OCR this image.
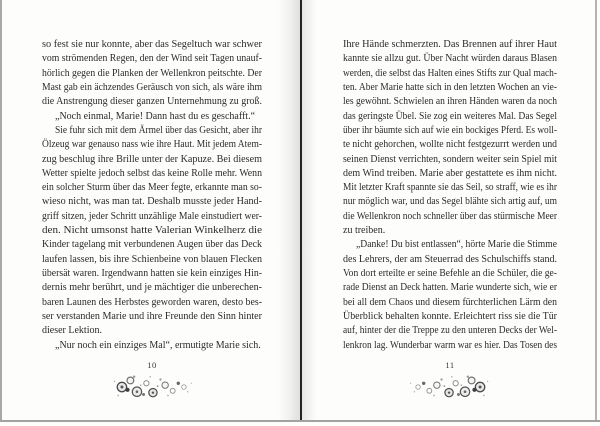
so fest sie nur konnte, aber das Segeltuch war schwer
vom strömenden Regen, den der Wind seit Tagen unauf-
hörlich gegen die Planken der Wellenkron peitschte. Der
Mast gab ein ächzendes Geräusch von sich, als wäre ihm
die Anstrengung dieser ganzen Unternehmung zu groß.
„Noch einmal, Marie! Dann hast du es geschafft.“
Sie fuhr sich mit dem Ärmel über das Gesicht, aber ihr
Ölzeug war genauso nass wie ihre Haut. Mit jedem Atem-
zug beschlug ihre Brille unter der Kapuze. Bei diesem
Wetter spielte jedoch selbst das keine Rolle mehr. Wenn
ein solcher Sturm über das Meer fegte, erkannte man so-
wieso nicht, was man tat. Deshalb musste jeder Hand-
griff sitzen, jeder Schritt unzählige Male einstudiert wer-
den. Nicht umsonst hatte Valerian Winkelherz die
Kinder tagelang mit verbundenen Augen über das Deck
laufen lassen, bis ihre Schienbeine von blauen Flecken
übersät waren. Irgendwann hatten sie kein einziges Hin-
dernis mehr berührt, und je mächtiger die unberechen-
baren Launen des Herbstes geworden waren, desto bes-
ser verstanden Marie und ihre Freunde den Sinn hinter
dieser Lektion.
„Nur noch ein einziges Mal“, ermutigte Marie sich.
Ihre Hände schmerzten. Das Brennen auf ihrer Haut
kannte sie allzu gut. Über Nacht würden daraus Blasen
werden, die selbst das Halten eines Stifts zur Qual mach-
ten. Aber Marie hatte sich in den letzten Wochen an vie-
les gewöhnt. Schwielen an ihren Händen waren da noch
das geringste Übel. Sie zog ein weiteres Mal. Das Segel
über ihr bäumte sich auf wie ein bockiges Pferd. Es woll-
te nicht gehorchen, wollte nicht festgezurrt werden und
seinen Dienst verrichten, sondern weiter sein Spiel mit
dem Wind treiben. Marie aber gestattete es ihm nicht.
Mit letzter Kraft spannte sie das Seil, so straff, wie es ihr
nur möglich war, und das Segel blähte sich artig auf, um
die Wellenkron noch schneller über das stürmische Meer
zu treiben.
„Danke! Du bist entlassen“, hörte Marie die Stimme
des Lehrers, der am Steuerrad des Schulschiffs stand.
Von dort erteilte er seine Befehle an die Schüler, die ge-
rade Dienst an Deck hatten. Marie wunderte sich, wie er
bei all dem Chaos und diesem fürchterlichen Lärm den
Überblick behalten konnte. Erleichtert riss sie die Tür
auf, hinter der die Treppe zu den unteren Decks der Wel-
lenkron lag. Wunderbar warm war es hier. Das Tosen des
10	11
